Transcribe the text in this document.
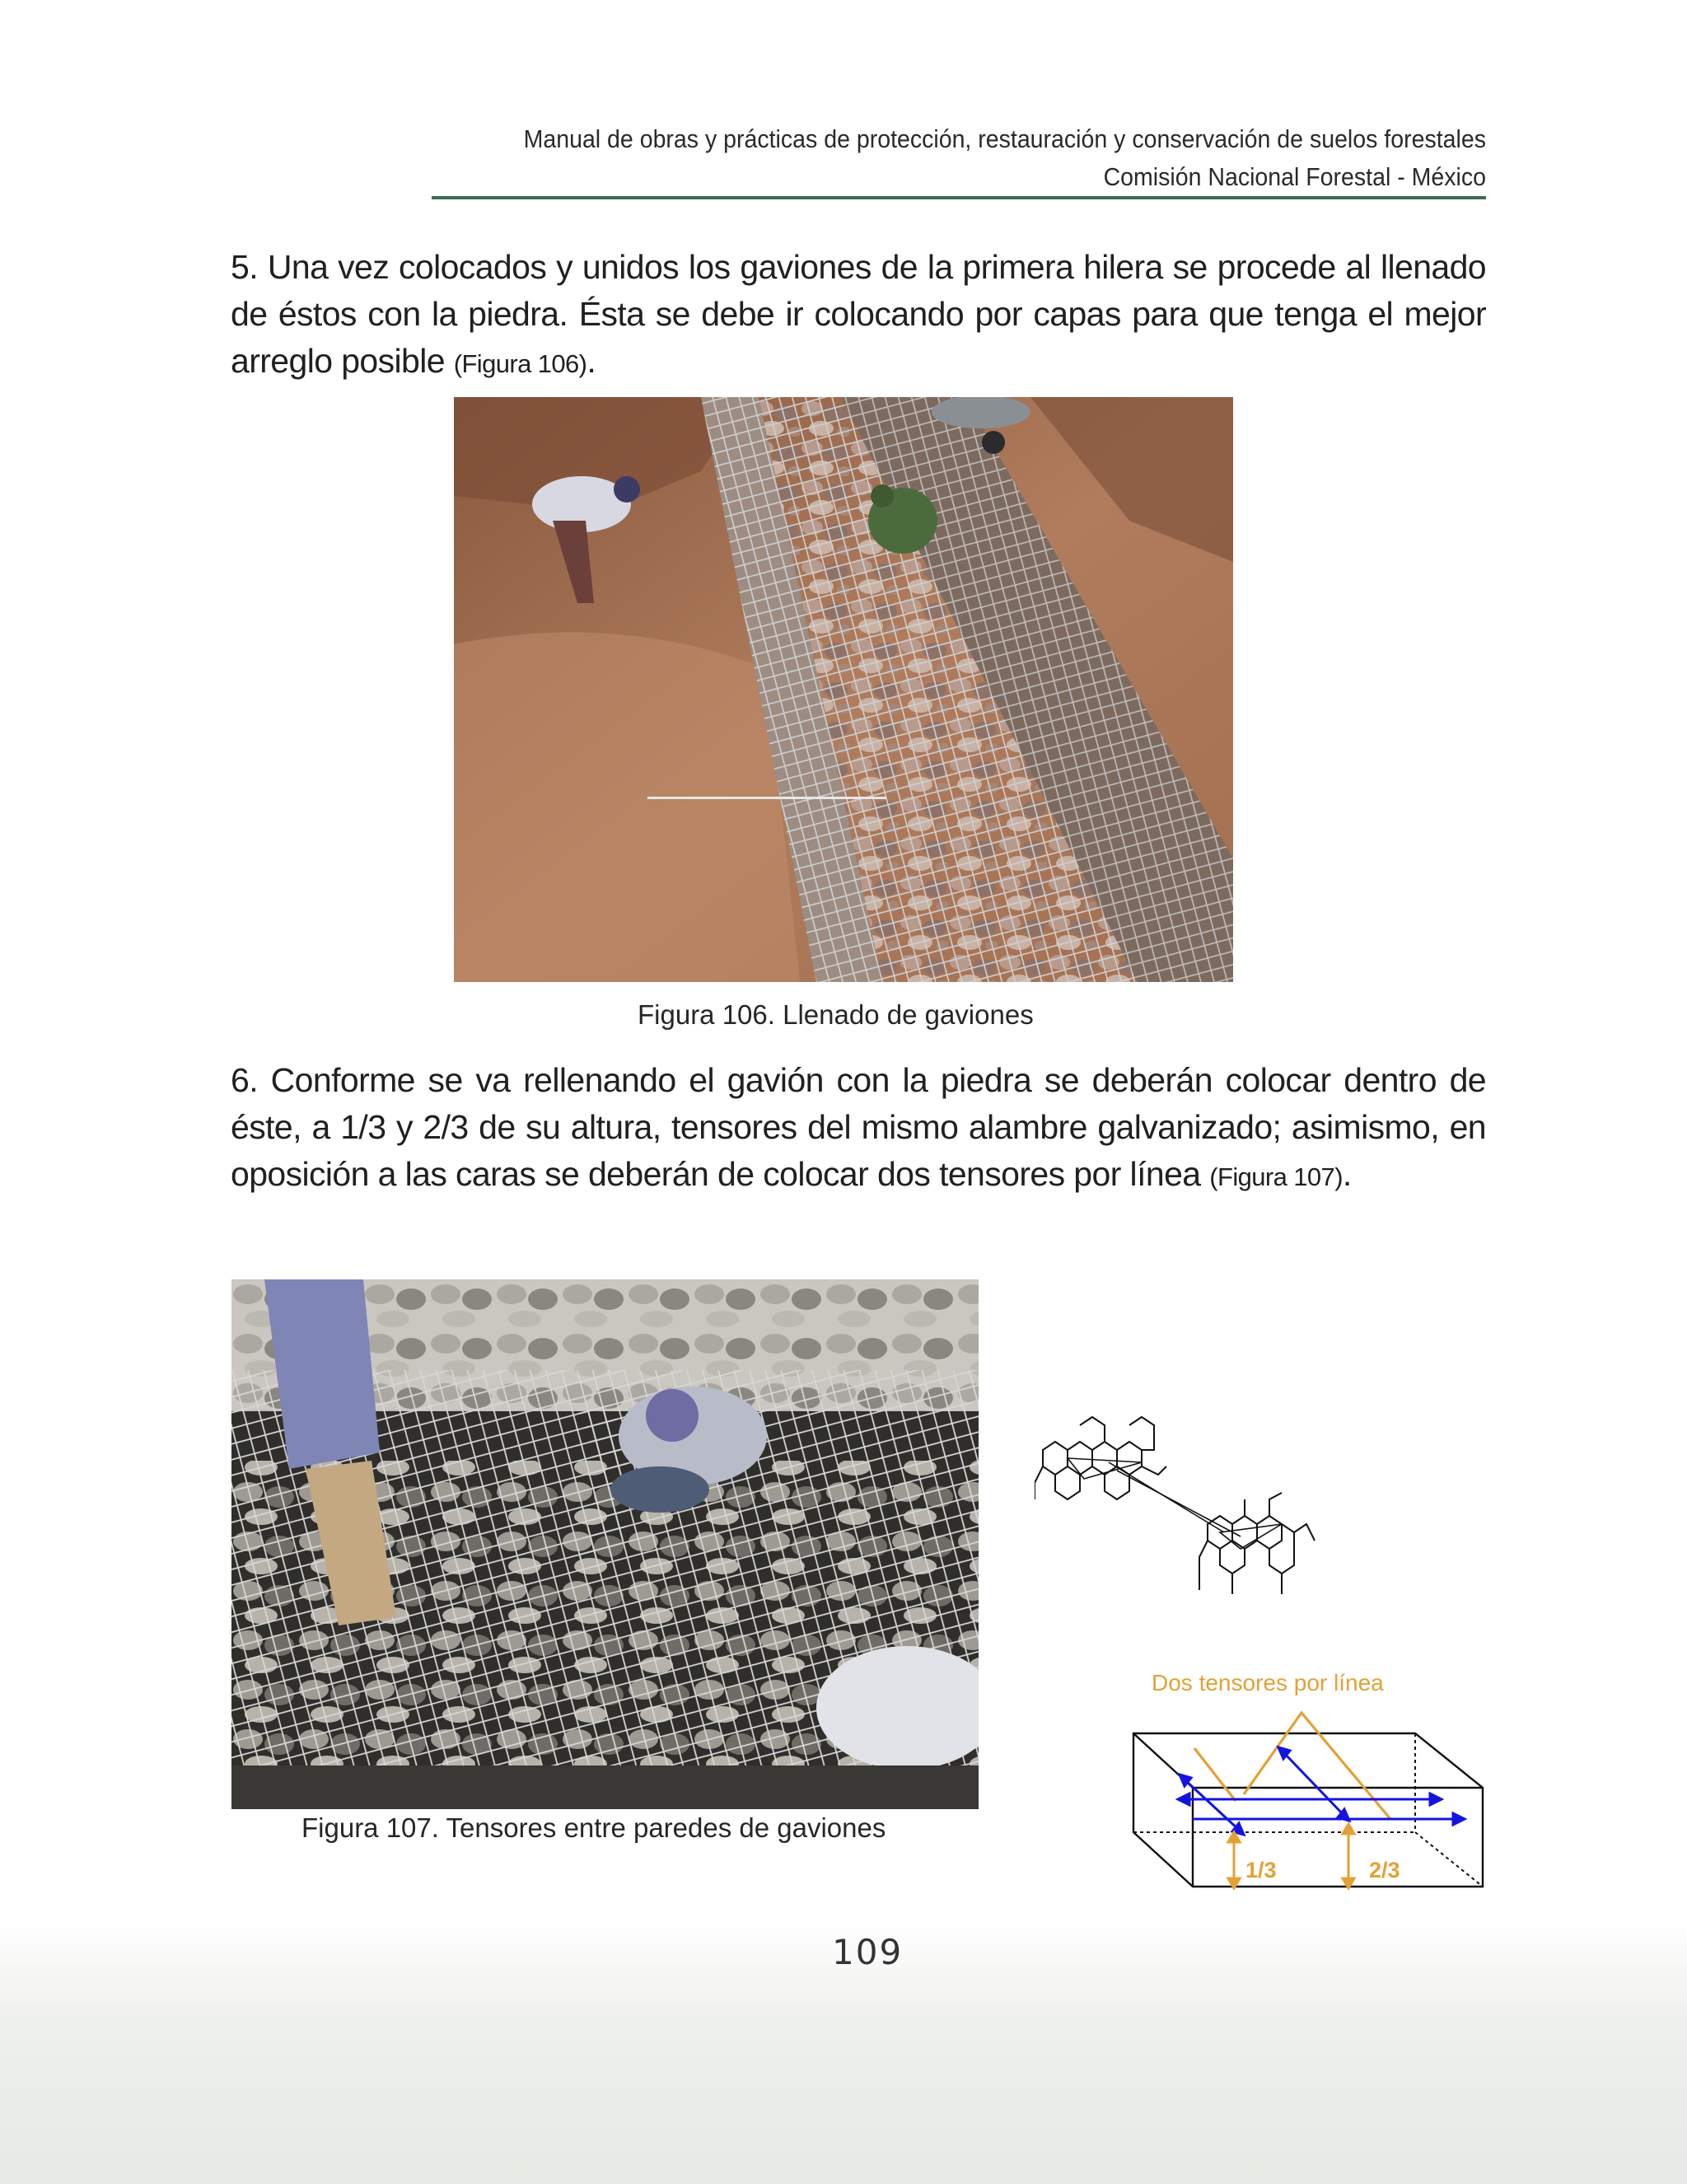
Manual de obras y prácticas de protección, restauración y conservación de suelos forestales
Comisión Nacional Forestal - México

5. Una vez colocados y unidos los gaviones de la primera hilera se procede al llenado de éstos con la piedra. Ésta se debe ir colocando por capas para que tenga el mejor arreglo posible (Figura 106).

Figura 106. Llenado de gaviones

6. Conforme se va rellenando el gavión con la piedra se deberán colocar dentro de éste, a 1/3 y 2/3 de su altura, tensores del mismo alambre galvanizado; asimismo, en oposición a las caras se deberán de colocar dos tensores por línea (Figura 107).

Figura 107. Tensores entre paredes de gaviones
Dos tensores por línea
1/3	2/3
109
